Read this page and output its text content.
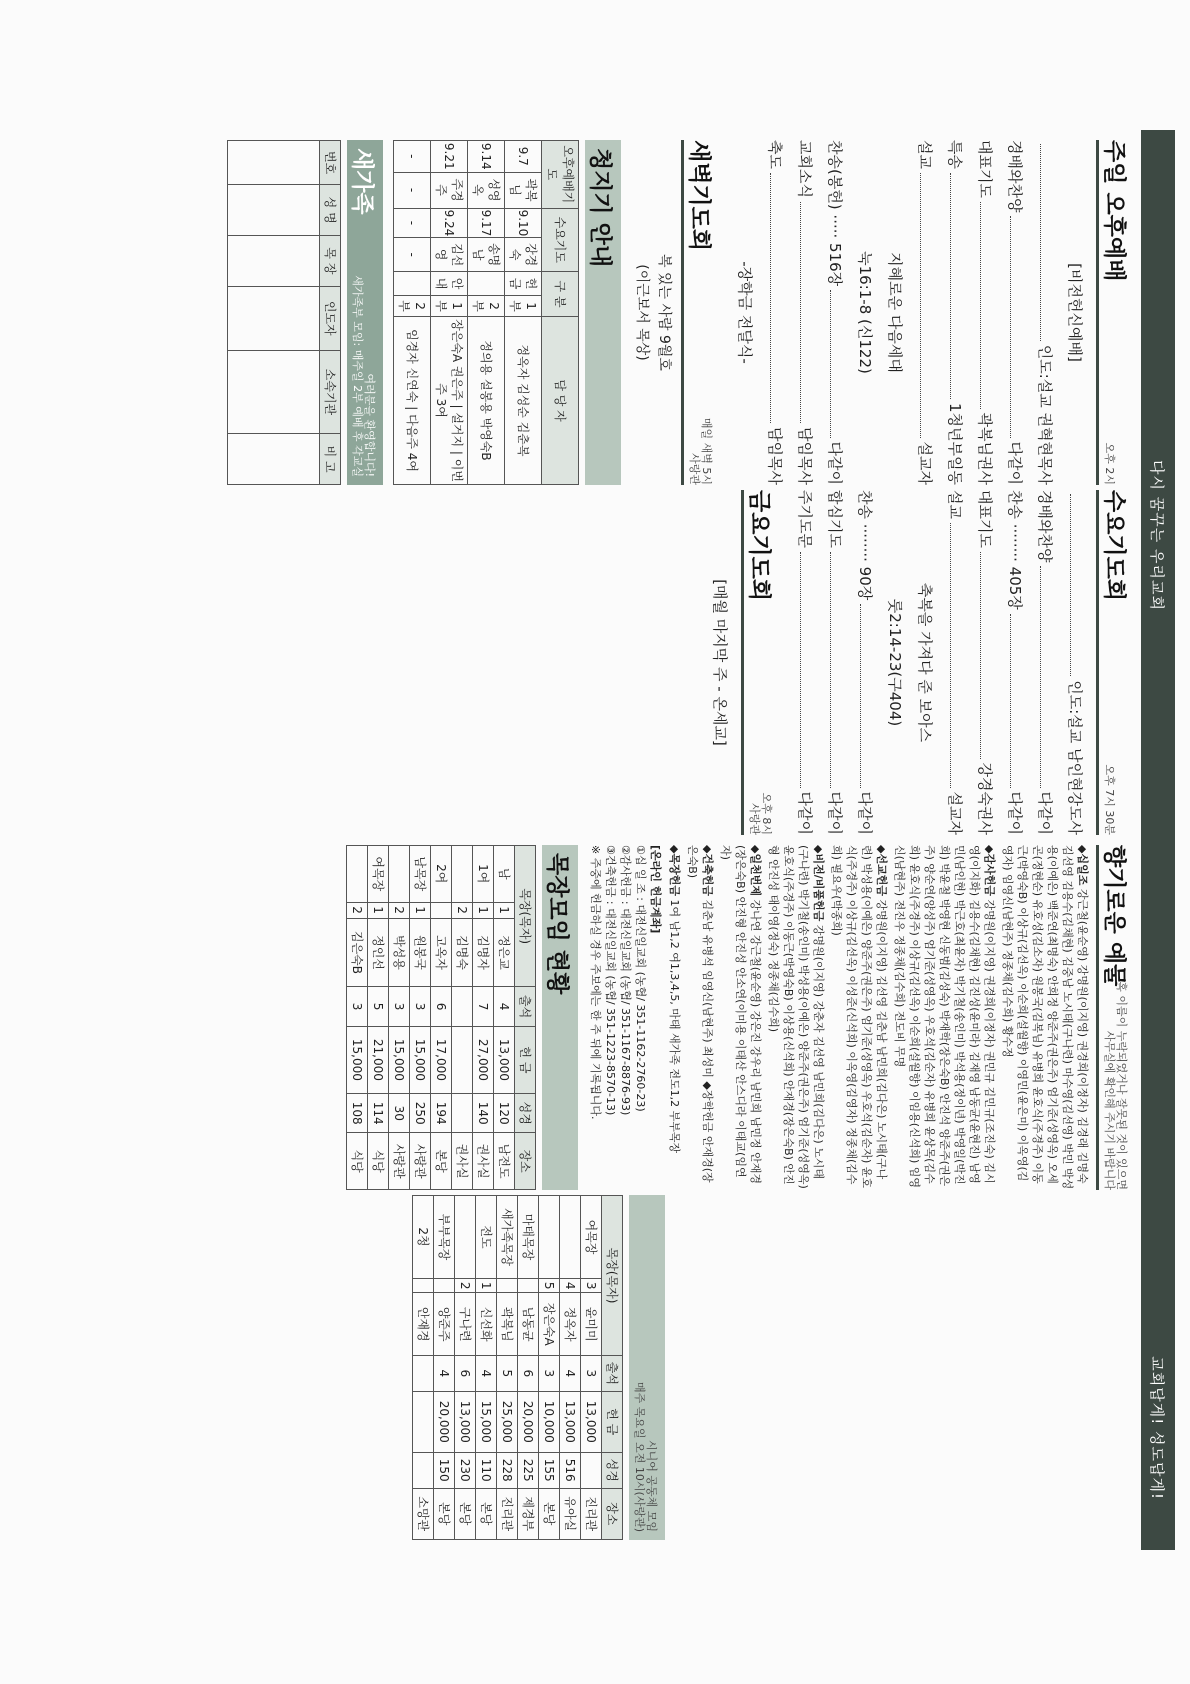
다시 꿈꾸는 우리교회
교회답게! 성도답게!
주일 오후예배
오후 2시
[비전헌신예배]
인도:설교 권혁현목사
경배와찬양
다같이
대표기도
곽복님권사
특송
1청년부일동
설교
설교자
지혜로운 다음세대
눅16:1-8 (신122)
찬송(봉헌) ····· 516장
다같이
교회소식
담임목사
축도
담임목사
-장학금 전달식-
새벽기도회
매일 새벽 5시
사랑관
복 있는 사람 9월호
(이근보서 목상)
청지기 안내
오후예배기도		수요기도		구 분		담 당 자
9.7	곽복님	9.10	강경숙	헌금	1부	정옥자 김성순 김춘복
9.14	성영옥	9.17	송명남		2부	정의용 설봉용 박영숙B
9.21	주경주	9.24	김선영	안내	1부	장은숙A 권은주 | 설거지 | 이번주 3여
-	-	-	-		2부	임경자 신연숙 | 다음주 4여
새가족
여러분을 환영합니다!
새가족부 모임: 매주일 2부 예배 후 각교실
번호	성 명	목 장	인도자	소속기관	비 고

수요기도회
오후 7시 30분
인도:설교 남인현강도사
경배와찬양
다같이
찬송 ········ 405장
다같이
대표기도
강경숙권사
설교
설교자
축복을 가져다 준 보아스
룻2:14-23(구404)
찬송 ········ 90장
다같이
합심기도
다같이
주기도문
다같이
금요기도회
오후 8시
사랑관
[매월 마지막 주 - 온세교]
향기로운 예물
혹 이름이 누락되었거나 잘못된 것이 있으면
사무실에 확인해 주시기 바랍니다
◆십일조 강근철(윤순영) 강명원(이지영) 권경희(이정자) 김경래 김명숙 김선영 김용수(김채현) 김중남 노시태(구나련) 마수영(김선영) 박민 박성용(이예은) 백준연(최명숙) 안희정 양준주(권은주) 엄기준(성영옥) 오세곤(정현순) 유호성(김소자) 원봉국(김복님) 유병희 윤호식(주경주) 이동근(박영숙B) 이상규(김선옥) 이순희(설월향) 이영민(윤은미) 이옥영(김영자) 임영신(남현주) 정종채(김수희) 황수정
◆감사헌금 강명원(이지영) 권경희(이정자) 권민규 김민규(조진숙) 김시영(이지화) 김용수(김채현) 김진성(윤미라) 김재영 남동균(윤현진) 남영민(남인현) 박근호(최윤자) 박기철(송인미) 박석용(정이년) 박영일(박진희) 박윤철 박영현 신동범(김성숙) 박재학(장은숙B) 안진석 양준주(권은주) 양순연(양성주) 엄기준(성영옥) 우호석(김순자) 유병희 윤상목(김수희) 윤호식(주경주) 이상규(김선옥) 이순희(설월향) 이임용(신석희) 임영신(남현주) 전진우 정종채(김수희) 전도비 무명
◆선교헌금 강명원(이지영) 김선영 김춘남 남민희(김다은) 노시태(구나련) 박성용(이예은) 양준주(권은주) 엄기준(성영옥) 우호석(김순자) 윤호식(주경주) 이상규(김선옥) 이성준(신석희) 이옥영(김영자) 정종채(김수희) 필요우(박종희)
◆비전/비품헌금 강명원(이지영) 강춘자 김선영 남민희(김다은) 노시태(구나련) 박기철(송인미) 박성용(이예은) 양준주(권은주) 엄기준(성영옥) 윤호식(주경주) 이동근(박영숙B) 이상용(신석희) 안재경(장은숙B) 안진형 안진성 태이영(정숙) 정종채(김수희)
◆일천번제 강나연 강근철(윤순영) 강은진 강우리 남민희 남민정 안재경(장은숙B) 안진형 안진성 안소연(이미용 이태산 안스디라 이태교(임연자)
◆건축헌금 김춘남 유병석 임영신(남현주) 최성미 ◆장학헌금 안재경(장은숙B)
◆목장헌금 1여 남1,2 여1,3,4,5, 마태 새가족 전도1,2 부부목장
[온라인 헌금계좌]
①십 일 조 : 대전신일교회 (농협/ 351-1162-2760-23)
②감사헌금 : 대전신일교회 (농협/ 351-1167-8876-93)
③건축헌금 : 대전신일교회 (농협/ 351-1223-8570-13)
※ 주중에 헌금하실 경우 주보에는 한 주 뒤에 기록됩니다.
목장모임 현황
목장(목자)			출석	헌 금	성경	장소
남	1	정은교	4	13,000	120	남전도
1여	1	김명자	7	27,000	140	권사실
	2	김명숙				권사실
2여		고옥자	6	17,000	194	본당
남목장	1	원봉국	3	15,000	250	사랑관
	2	박성용	3	15,000	30	사랑관
여목장	1	정인선	5	21,000	114	식당
	2	김은숙B	3	15,000	108	식당
시니어 공동체 모임
매주 목요일 오전 10시(사랑관)
목장(목자)			출석	헌 금	성경	장소
여목장	3	윤미미	3	13,000		진리관
	4	정옥자	4	13,000	516	유아실
	5	장은숙A	3	10,000	155	본당
마태목장		남동균	6	20,000	225	제경부
새가족목장		곽복님	5	25,000	228	진리관
전도	1	신선화	4	15,000	110	본당
	2	구나련	6	13,000	230	본당
부부목장		양준주	4	20,000	150	본당
2청		안재경				소망관
